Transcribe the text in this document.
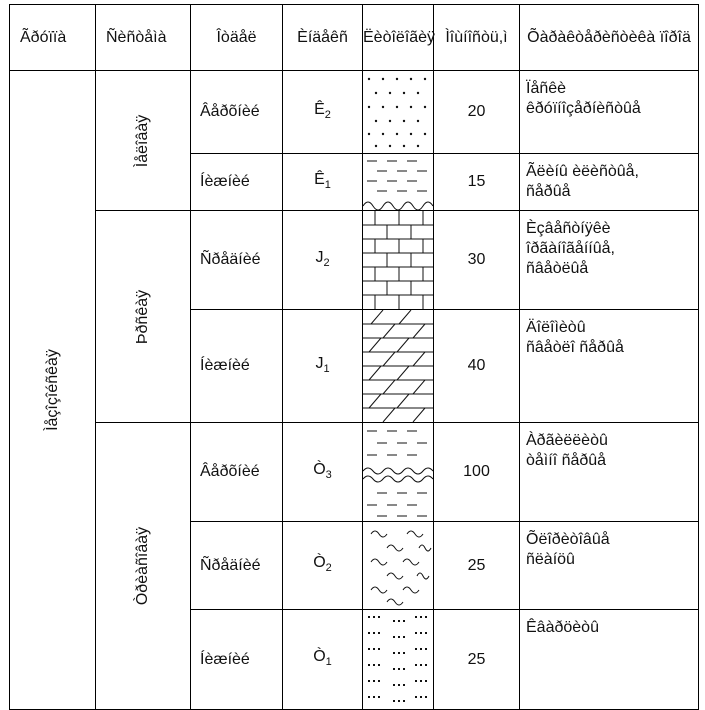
Ãðóïïà	Ñèñòåìà	Îòäåë	Èíäåêñ	Ëèòîëîãèÿ	Ìîùíîñòü,ì	Õàðàêòåðèñòèêà ïîðîä

Ìåçîçîéñêàÿ	Ìåëîâàÿ	Âåðõíèé	$Ê_2$		20	Ïåñêè
êðóïíîçåðíèñòûå

		Íèæíèé	$Ê_1$		15	Ãëèíû èëèñòûå,
ñåðûå

	Þðñêàÿ	Ñðåäíèé	$J_2$		30	Èçâåñòíÿêè
îðãàíîãåííûå,
ñâåòëûå

		Íèæíèé	$J_1$		40	Äîëîìèòû
ñâåòëî ñåðûå

	Òðèàñîâàÿ	Âåðõíèé	$Ò_3$		100	Àðãèëëèòû
òåìíî ñåðûå

		Ñðåäíèé	$Ò_2$		25	Õëîðèòîâûå
ñëàíöû

		Íèæíèé	$Ò_1$		25	Êâàðöèòû
